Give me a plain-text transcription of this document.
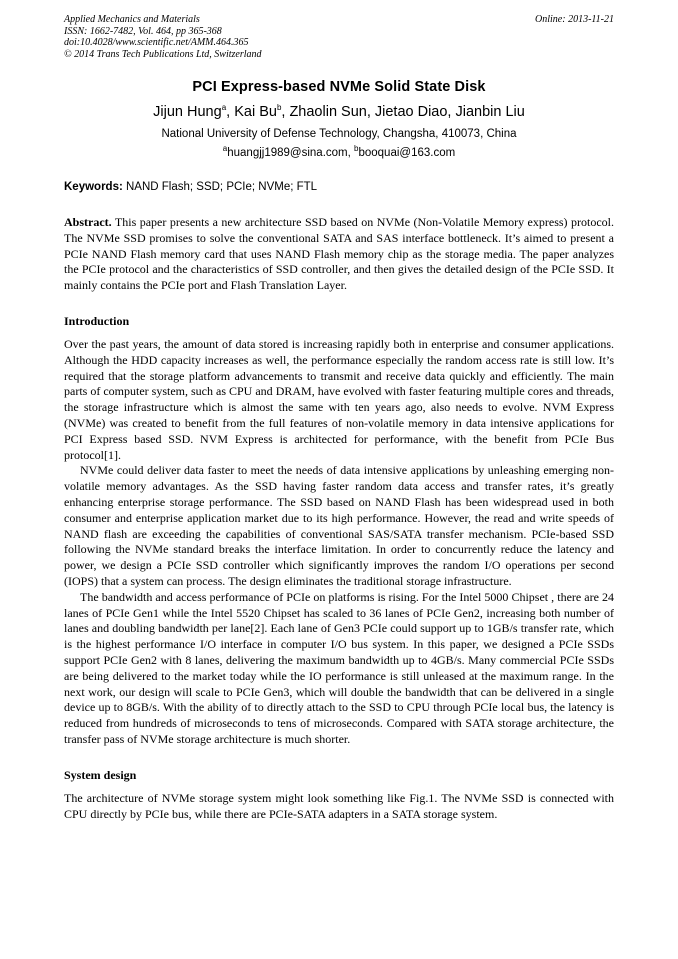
Applied Mechanics and Materials
ISSN: 1662-7482, Vol. 464, pp 365-368
doi:10.4028/www.scientific.net/AMM.464.365
© 2014 Trans Tech Publications Ltd, Switzerland
Online: 2013-11-21
PCI Express-based NVMe Solid State Disk
Jijun Hung$^a$, Kai Bu$^b$, Zhaolin Sun, Jietao Diao, Jianbin Liu
National University of Defense Technology, Changsha, 410073, China
$^a$huangjj1989@sina.com, $^b$booquai@163.com
Keywords: NAND Flash; SSD; PCIe; NVMe; FTL
Abstract. This paper presents a new architecture SSD based on NVMe (Non-Volatile Memory express) protocol. The NVMe SSD promises to solve the conventional SATA and SAS interface bottleneck. It’s aimed to present a PCIe NAND Flash memory card that uses NAND Flash memory chip as the storage media. The paper analyzes the PCIe protocol and the characteristics of SSD controller, and then gives the detailed design of the PCIe SSD. It mainly contains the PCIe port and Flash Translation Layer.
Introduction

Over the past years, the amount of data stored is increasing rapidly both in enterprise and consumer applications. Although the HDD capacity increases as well, the performance especially the random access rate is still low. It’s required that the storage platform advancements to transmit and receive data quickly and efficiently. The main parts of computer system, such as CPU and DRAM, have evolved with faster featuring multiple cores and threads, the storage infrastructure which is almost the same with ten years ago, also needs to evolve. NVM Express (NVMe) was created to benefit from the full features of non-volatile memory in data intensive applications for PCI Express based SSD. NVM Express is architected for performance, with the benefit from PCIe Bus protocol[1].

NVMe could deliver data faster to meet the needs of data intensive applications by unleashing emerging non-volatile memory advantages. As the SSD having faster random data access and transfer rates, it’s greatly enhancing enterprise storage performance. The SSD based on NAND Flash has been widespread used in both consumer and enterprise application market due to its high performance. However, the read and write speeds of NAND flash are exceeding the capabilities of conventional SAS/SATA transfer mechanism. PCIe-based SSD following the NVMe standard breaks the interface limitation. In order to concurrently reduce the latency and power, we design a PCIe SSD controller which significantly improves the random I/O operations per second (IOPS) that a system can process. The design eliminates the traditional storage infrastructure.

The bandwidth and access performance of PCIe on platforms is rising. For the Intel 5000 Chipset , there are 24 lanes of PCIe Gen1 while the Intel 5520 Chipset has scaled to 36 lanes of PCIe Gen2, increasing both number of lanes and doubling bandwidth per lane[2]. Each lane of Gen3 PCIe could support up to 1GB/s transfer rate, which is the highest performance I/O interface in computer I/O bus system. In this paper, we designed a PCIe SSDs support PCIe Gen2 with 8 lanes, delivering the maximum bandwidth up to 4GB/s. Many commercial PCIe SSDs are being delivered to the market today while the IO performance is still unleased at the maximum range. In the next work, our design will scale to PCIe Gen3, which will double the bandwidth that can be delivered in a single device up to 8GB/s. With the ability of to directly attach to the SSD to CPU through PCIe local bus, the latency is reduced from hundreds of microseconds to tens of microseconds. Compared with SATA storage architecture, the transfer pass of NVMe storage architecture is much shorter.

System design

The architecture of NVMe storage system might look something like Fig.1. The NVMe SSD is connected with CPU directly by PCIe bus, while there are PCIe-SATA adapters in a SATA storage system.
